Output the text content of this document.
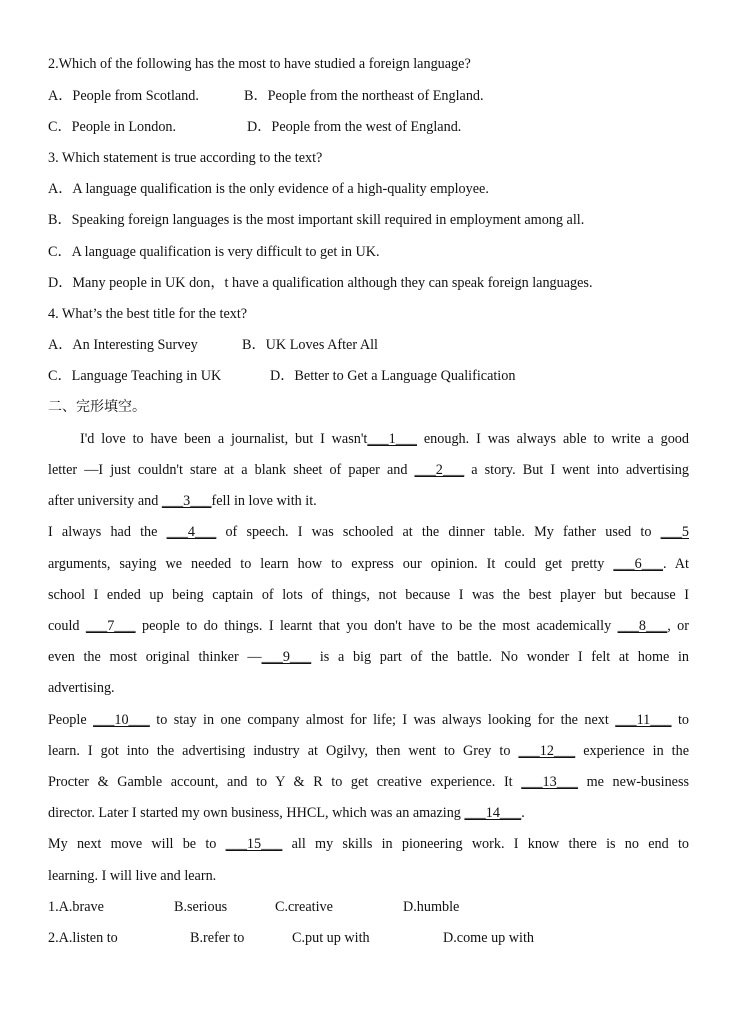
2.Which of the following has the most to have studied a foreign language?
A．People from Scotland.	B．People from the northeast of England.
C．People in London.	D．People from the west of England.
3. Which statement is true according to the text?
A．A language qualification is the only evidence of a high-quality employee.
B．Speaking foreign languages is the most important skill required in employment among all.
C．A language qualification is very difficult to get in UK.
D．Many people in UK don，t have a qualification although they can speak foreign languages.
4. What’s the best title for the text?
A．An Interesting Survey	B．UK Loves After All
C．Language Teaching in UK	D．Better to Get a Language Qualification
二、完形填空。
I'd love to have been a journalist, but I wasn't___1___ enough. I was always able to write a good
letter —I just couldn't stare at a blank sheet of paper and ___2___ a story. But I went into advertising
after university and ___3___fell in love with it.
I always had the ___4___ of speech. I was schooled at the dinner table. My father used to ___5
arguments, saying we needed to learn how to express our opinion. It could get pretty ___6___. At
school I ended up being captain of lots of things, not because I was the best player but because I
could ___7___ people to do things. I learnt that you don't have to be the most academically ___8___, or
even the most original thinker —___9___ is a big part of the battle. No wonder I felt at home in
advertising.
People ___10___ to stay in one company almost for life; I was always looking for the next ___11___ to
learn. I got into the advertising industry at Ogilvy, then went to Grey to ___12___ experience in the
Procter & Gamble account, and to Y & R to get creative experience. It ___13___ me new-business
director. Later I started my own business, HHCL, which was an amazing ___14___.
My next move will be to ___15___ all my skills in pioneering work. I know there is no end to
learning. I will live and learn.
1.A.brave	B.serious	C.creative	D.humble
2.A.listen to	B.refer to	C.put up with	D.come up with
